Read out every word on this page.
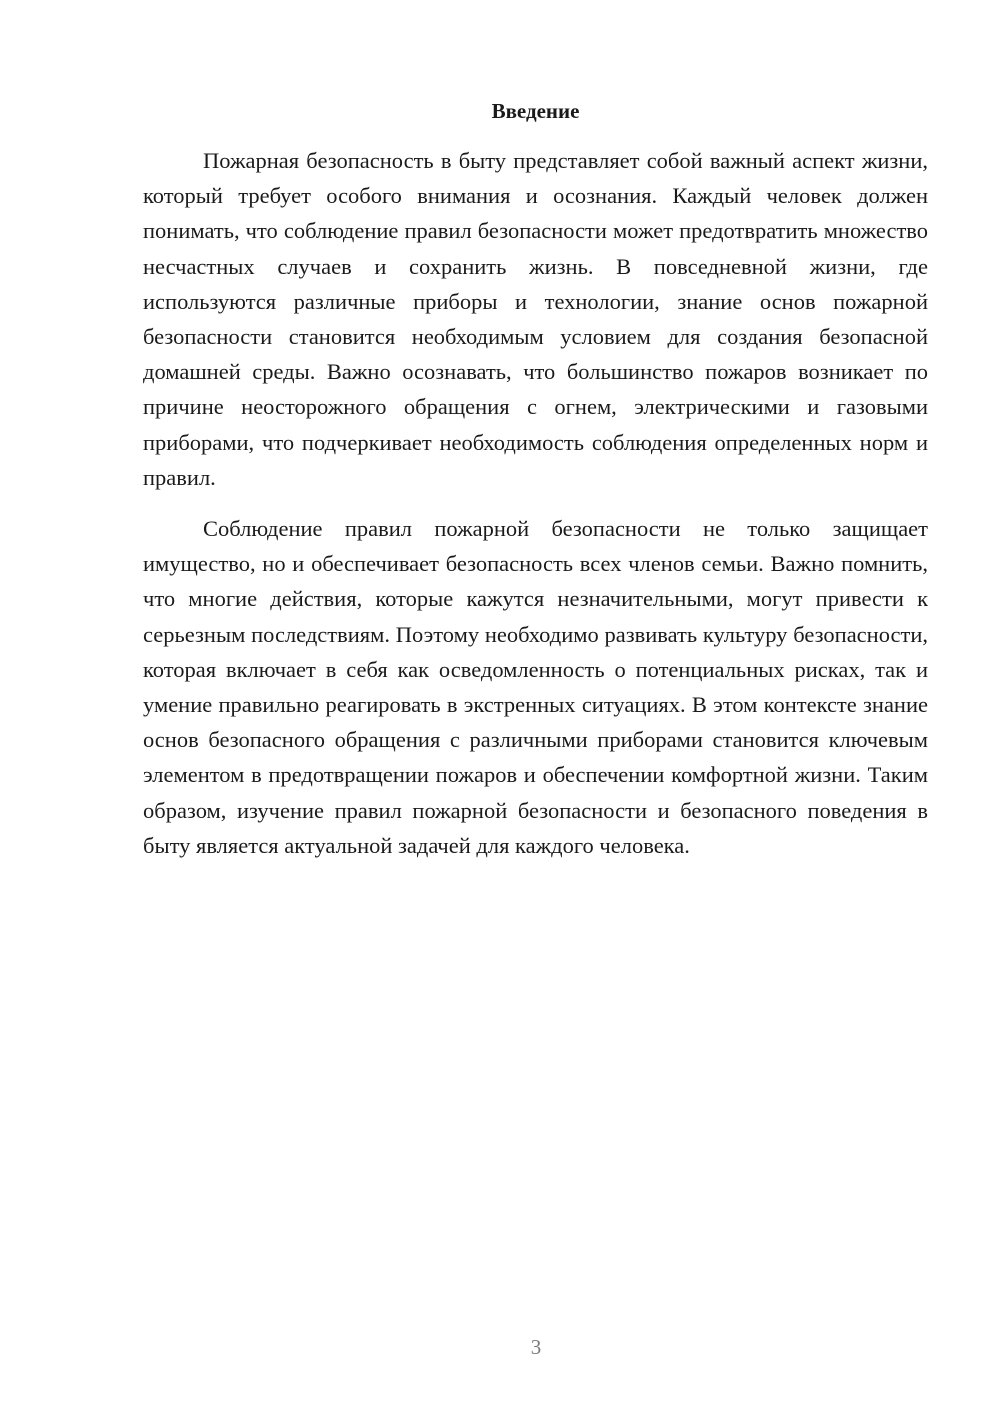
Введение

Пожарная безопасность в быту представляет собой важный аспект жизни, который требует особого внимания и осознания. Каждый человек должен понимать, что соблюдение правил безопасности может предотвратить множество несчастных случаев и сохранить жизнь. В повседневной жизни, где используются различные приборы и технологии, знание основ пожарной безопасности становится необходимым условием для создания безопасной домашней среды. Важно осознавать, что большинство пожаров возникает по причине неосторожного обращения с огнем, электрическими и газовыми приборами, что подчеркивает необходимость соблюдения определенных норм и правил.

Соблюдение правил пожарной безопасности не только защищает имущество, но и обеспечивает безопасность всех членов семьи. Важно помнить, что многие действия, которые кажутся незначительными, могут привести к серьезным последствиям. Поэтому необходимо развивать культуру безопасности, которая включает в себя как осведомленность о потенциальных рисках, так и умение правильно реагировать в экстренных ситуациях. В этом контексте знание основ безопасного обращения с различными приборами становится ключевым элементом в предотвращении пожаров и обеспечении комфортной жизни. Таким образом, изучение правил пожарной безопасности и безопасного поведения в быту является актуальной задачей для каждого человека.

3
